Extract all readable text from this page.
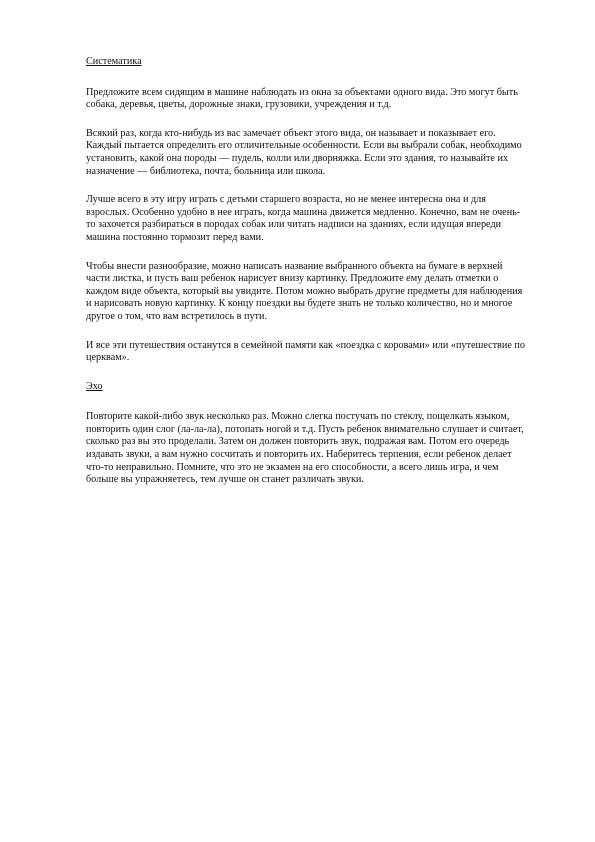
Систематика

Предложите всем сидящим в машине наблюдать из окна за объектами одного вида. Это могут быть собака, деревья, цветы, дорожные знаки, грузовики, учреждения и т.д.

Всякий раз, когда кто-нибудь из вас замечает объект этого вида, он называет и показывает его. Каждый пытается определить его отличительные особенности. Если вы выбрали собак, необходимо установить, какой она породы — пудель, колли или дворняжка. Если это здания, то называйте их назначение — библиотека, почта, больница или школа.

Лучше всего в эту игру играть с детьми старшего возраста, но не менее интересна она и для взрослых. Особенно удобно в нее играть, когда машина движется медленно. Конечно, вам не очень-то захочется разбираться в породах собак или читать надписи на зданиях, если идущая впереди машина постоянно тормозит перед вами.

Чтобы внести разнообразие, можно написать название выбранного объекта на бумаге в верхней части листка, и пусть ваш ребенок нарисует внизу картинку. Предложите ему делать отметки о каждом виде объекта, который вы увидите. Потом можно выбрать другие предметы для наблюдения и нарисовать новую картинку. К концу поездки вы будете знать не только количество, но и многое другое о том, что вам встретилось в пути.

И все эти путешествия останутся в семейной памяти как «поездка с коровами» или «путешествие по церквам».

Эхо

Повторите какой-либо звук несколько раз. Можно слегка постучать по стеклу, пощелкать языком, повторить один слог (ла-ла-ла), потопать ногой и т.д. Пусть ребенок внимательно слушает и считает, сколько раз вы это проделали. Затем он должен повторить звук, подражая вам. Потом его очередь издавать звуки, а вам нужно сосчитать и повторить их. Наберитесь терпения, если ребенок делает что-то неправильно. Помните, что это не экзамен на его способности, а всего лишь игра, и чем больше вы упражняетесь, тем лучше он станет различать звуки.
